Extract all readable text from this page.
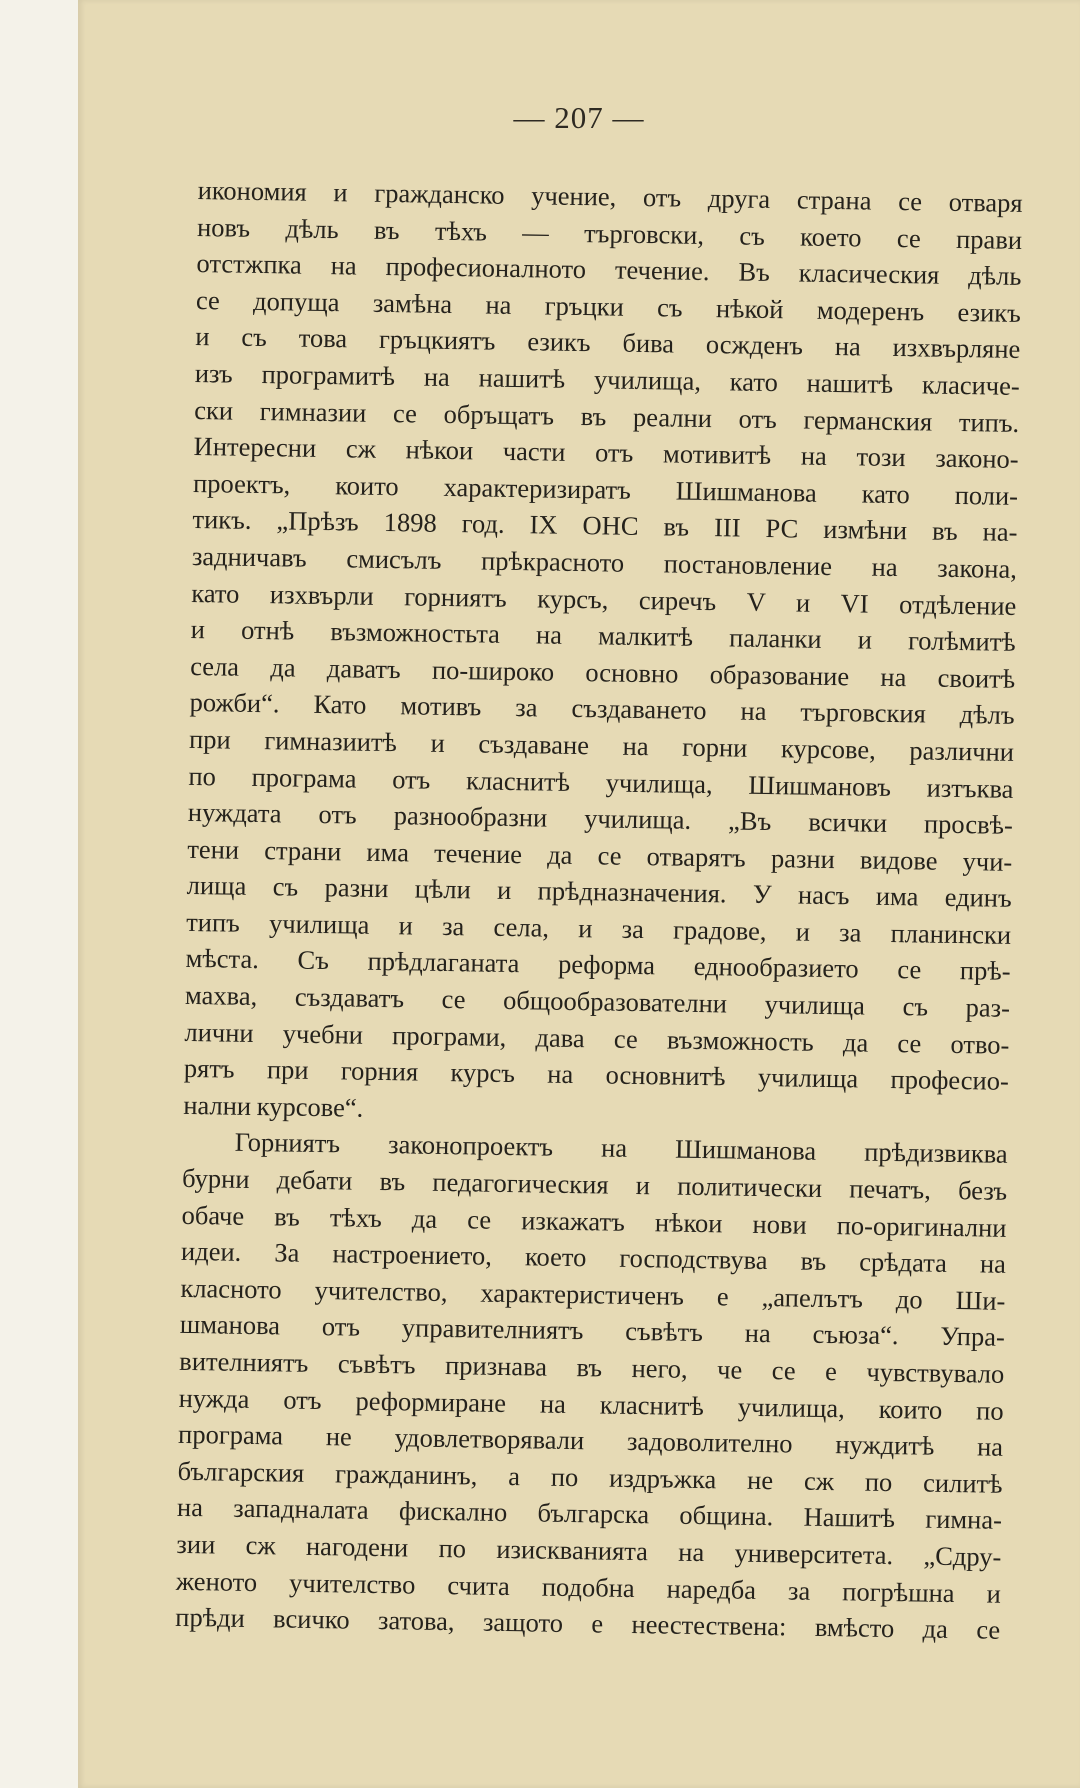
— 207 —
икономия и гражданско учение, отъ друга страна се отваря
новъ дѣль въ тѣхъ — търговски, съ което се прави
отстжпка на професионалното течение. Въ класическия дѣль
се допуща замѣна на гръцки съ нѣкой модеренъ езикъ
и съ това гръцкиятъ езикъ бива осжденъ на изхвърляне
изъ програмитѣ на нашитѣ училища, като нашитѣ класиче-
ски гимназии се обръщатъ въ реални отъ германския типъ.
Интересни сж нѣкои части отъ мотивитѣ на този законо-
проектъ, които характеризиратъ Шишманова като поли-
тикъ. „Прѣзъ 1898 год. IX ОНС въ III РС измѣни въ на-
задничавъ смисълъ прѣкрасното постановление на закона,
като изхвърли горниятъ курсъ, сиречъ V и VI отдѣление
и отнѣ възможностьта на малкитѣ паланки и голѣмитѣ
села да даватъ по-широко основно образование на своитѣ
рожби“. Като мотивъ за създаването на търговския дѣлъ
при гимназиитѣ и създаване на горни курсове, различни
по програма отъ класнитѣ училища, Шишмановъ изтъква
нуждата отъ разнообразни училища. „Въ всички просвѣ-
тени страни има течение да се отварятъ разни видове учи-
лища съ разни цѣли и прѣдназначения. У насъ има единъ
типъ училища и за села, и за градове, и за планински
мѣста. Съ прѣдлаганата реформа еднообразието се прѣ-
махва, създаватъ се общообразователни училища съ раз-
лични учебни програми, дава се възможность да се отво-
рятъ при горния курсъ на основнитѣ училища професио-
нални курсове“.
Горниятъ законопроектъ на Шишманова прѣдизвиква
бурни дебати въ педагогическия и политически печатъ, безъ
обаче въ тѣхъ да се изкажатъ нѣкои нови по-оригинални
идеи. За настроението, което господствува въ срѣдата на
класното учителство, характеристиченъ е „апелътъ до Ши-
шманова отъ управителниятъ съвѣтъ на съюза“. Упра-
вителниятъ съвѣтъ признава въ него, че се е чувствувало
нужда отъ реформиране на класнитѣ училища, които по
програма не удовлетворявали задоволително нуждитѣ на
българския гражданинъ, а по издръжка не сж по силитѣ
на западналата фискално българска община. Нашитѣ гимна-
зии сж нагодени по изискванията на университета. „Сдру-
женото учителство счита подобна наредба за погрѣшна и
прѣди всичко затова, защото е неестествена: вмѣсто да се
